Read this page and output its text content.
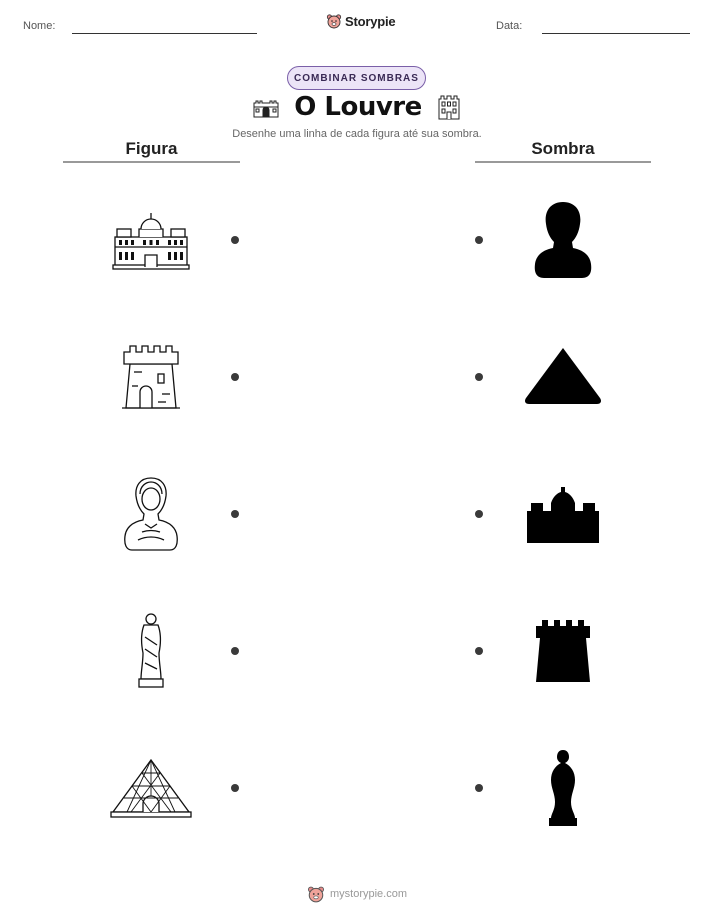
Nome:	Storypie	Data:
COMBINAR SOMBRAS
O Louvre
Desenhe uma linha de cada figura até sua sombra.
Figura	Sombra
mystorypie.com
